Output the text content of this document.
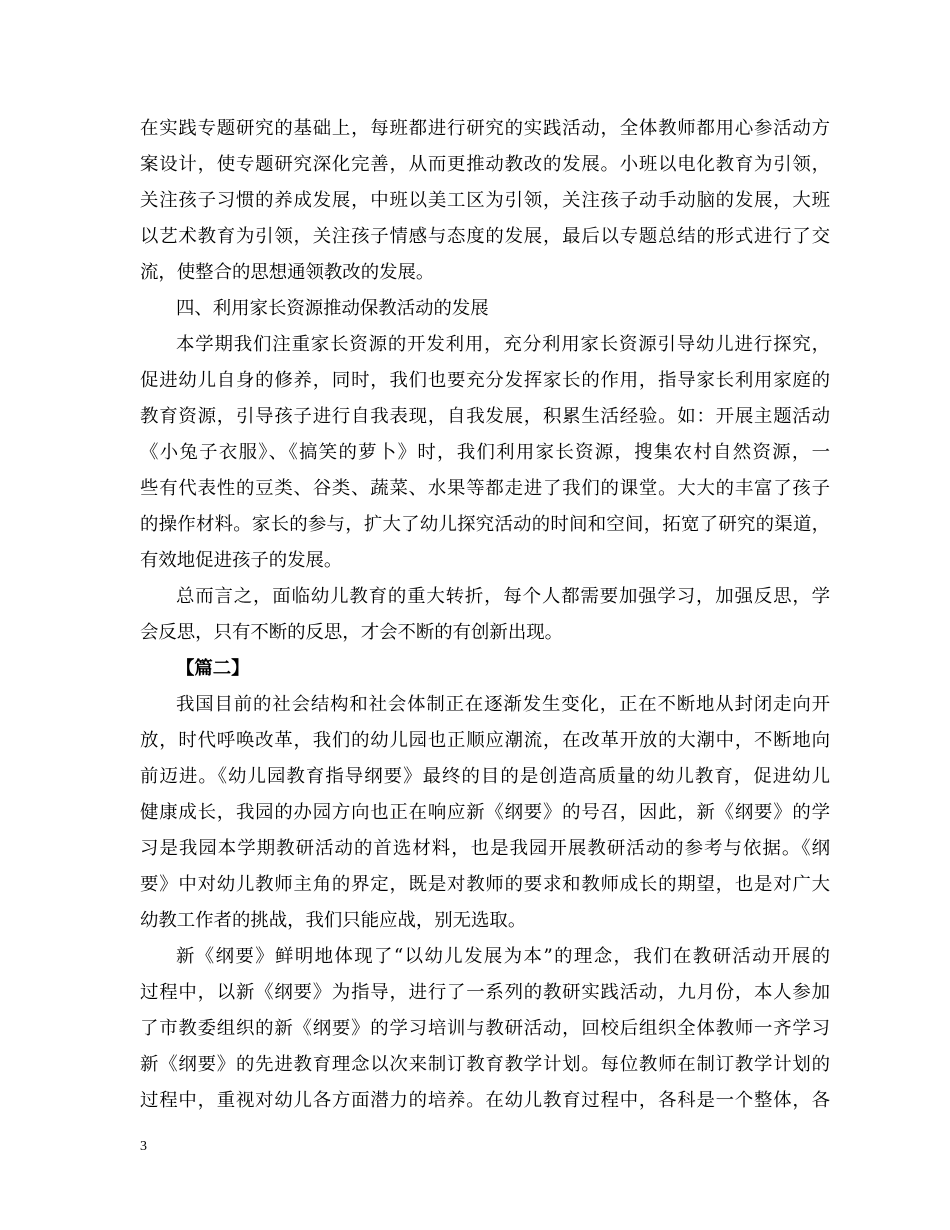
在实践专题研究的基础上，每班都进行研究的实践活动，全体教师都用心参活动方
案设计，使专题研究深化完善，从而更推动教改的发展。小班以电化教育为引领，
关注孩子习惯的养成发展，中班以美工区为引领，关注孩子动手动脑的发展，大班
以艺术教育为引领，关注孩子情感与态度的发展，最后以专题总结的形式进行了交
流，使整合的思想通领教改的发展。
四、利用家长资源推动保教活动的发展
本学期我们注重家长资源的开发利用，充分利用家长资源引导幼儿进行探究，
促进幼儿自身的修养，同时，我们也要充分发挥家长的作用，指导家长利用家庭的
教育资源，引导孩子进行自我表现，自我发展，积累生活经验。如：开展主题活动
《小兔子衣服》、《搞笑的萝卜》时，我们利用家长资源，搜集农村自然资源，一
些有代表性的豆类、谷类、蔬菜、水果等都走进了我们的课堂。大大的丰富了孩子
的操作材料。家长的参与，扩大了幼儿探究活动的时间和空间，拓宽了研究的渠道，
有效地促进孩子的发展。
总而言之，面临幼儿教育的重大转折，每个人都需要加强学习，加强反思，学
会反思，只有不断的反思，才会不断的有创新出现。
【篇二】
我国目前的社会结构和社会体制正在逐渐发生变化，正在不断地从封闭走向开
放，时代呼唤改革，我们的幼儿园也正顺应潮流，在改革开放的大潮中，不断地向
前迈进。《幼儿园教育指导纲要》最终的目的是创造高质量的幼儿教育，促进幼儿
健康成长，我园的办园方向也正在响应新《纲要》的号召，因此，新《纲要》的学
习是我园本学期教研活动的首选材料，也是我园开展教研活动的参考与依据。《纲
要》中对幼儿教师主角的界定，既是对教师的要求和教师成长的期望，也是对广大
幼教工作者的挑战，我们只能应战，别无选取。
新《纲要》鲜明地体现了“以幼儿发展为本”的理念，我们在教研活动开展的
过程中，以新《纲要》为指导，进行了一系列的教研实践活动，九月份，本人参加
了市教委组织的新《纲要》的学习培训与教研活动，回校后组织全体教师一齐学习
新《纲要》的先进教育理念以次来制订教育教学计划。每位教师在制订教学计划的
过程中，重视对幼儿各方面潜力的培养。在幼儿教育过程中，各科是一个整体，各
3
